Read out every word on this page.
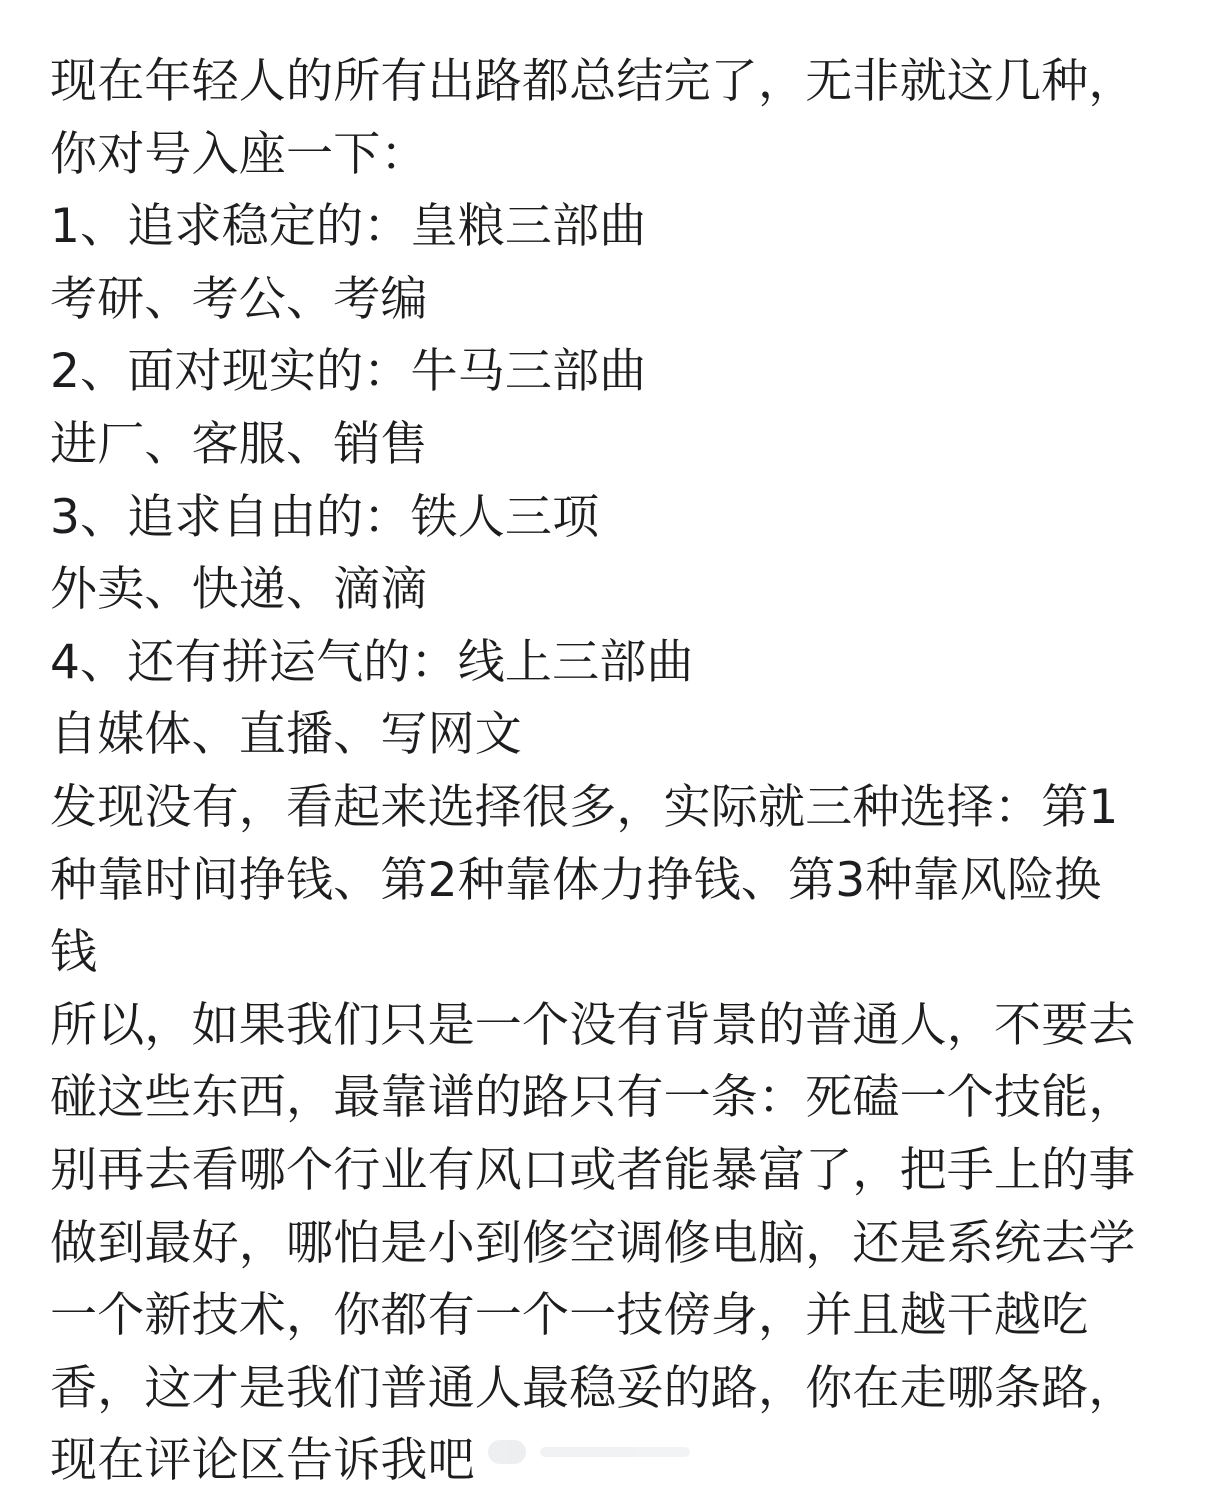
现在年轻人的所有出路都总结完了，无非就这几种，
你对号入座一下：
1、追求稳定的：皇粮三部曲
考研、考公、考编
2、面对现实的：牛马三部曲
进厂、客服、销售
3、追求自由的：铁人三项
外卖、快递、滴滴
4、还有拼运气的：线上三部曲
自媒体、直播、写网文
发现没有，看起来选择很多，实际就三种选择：第1
种靠时间挣钱、第2种靠体力挣钱、第3种靠风险换
钱
所以，如果我们只是一个没有背景的普通人，不要去
碰这些东西，最靠谱的路只有一条：死磕一个技能，
别再去看哪个行业有风口或者能暴富了，把手上的事
做到最好，哪怕是小到修空调修电脑，还是系统去学
一个新技术，你都有一个一技傍身，并且越干越吃
香，这才是我们普通人最稳妥的路，你在走哪条路，
现在评论区告诉我吧
